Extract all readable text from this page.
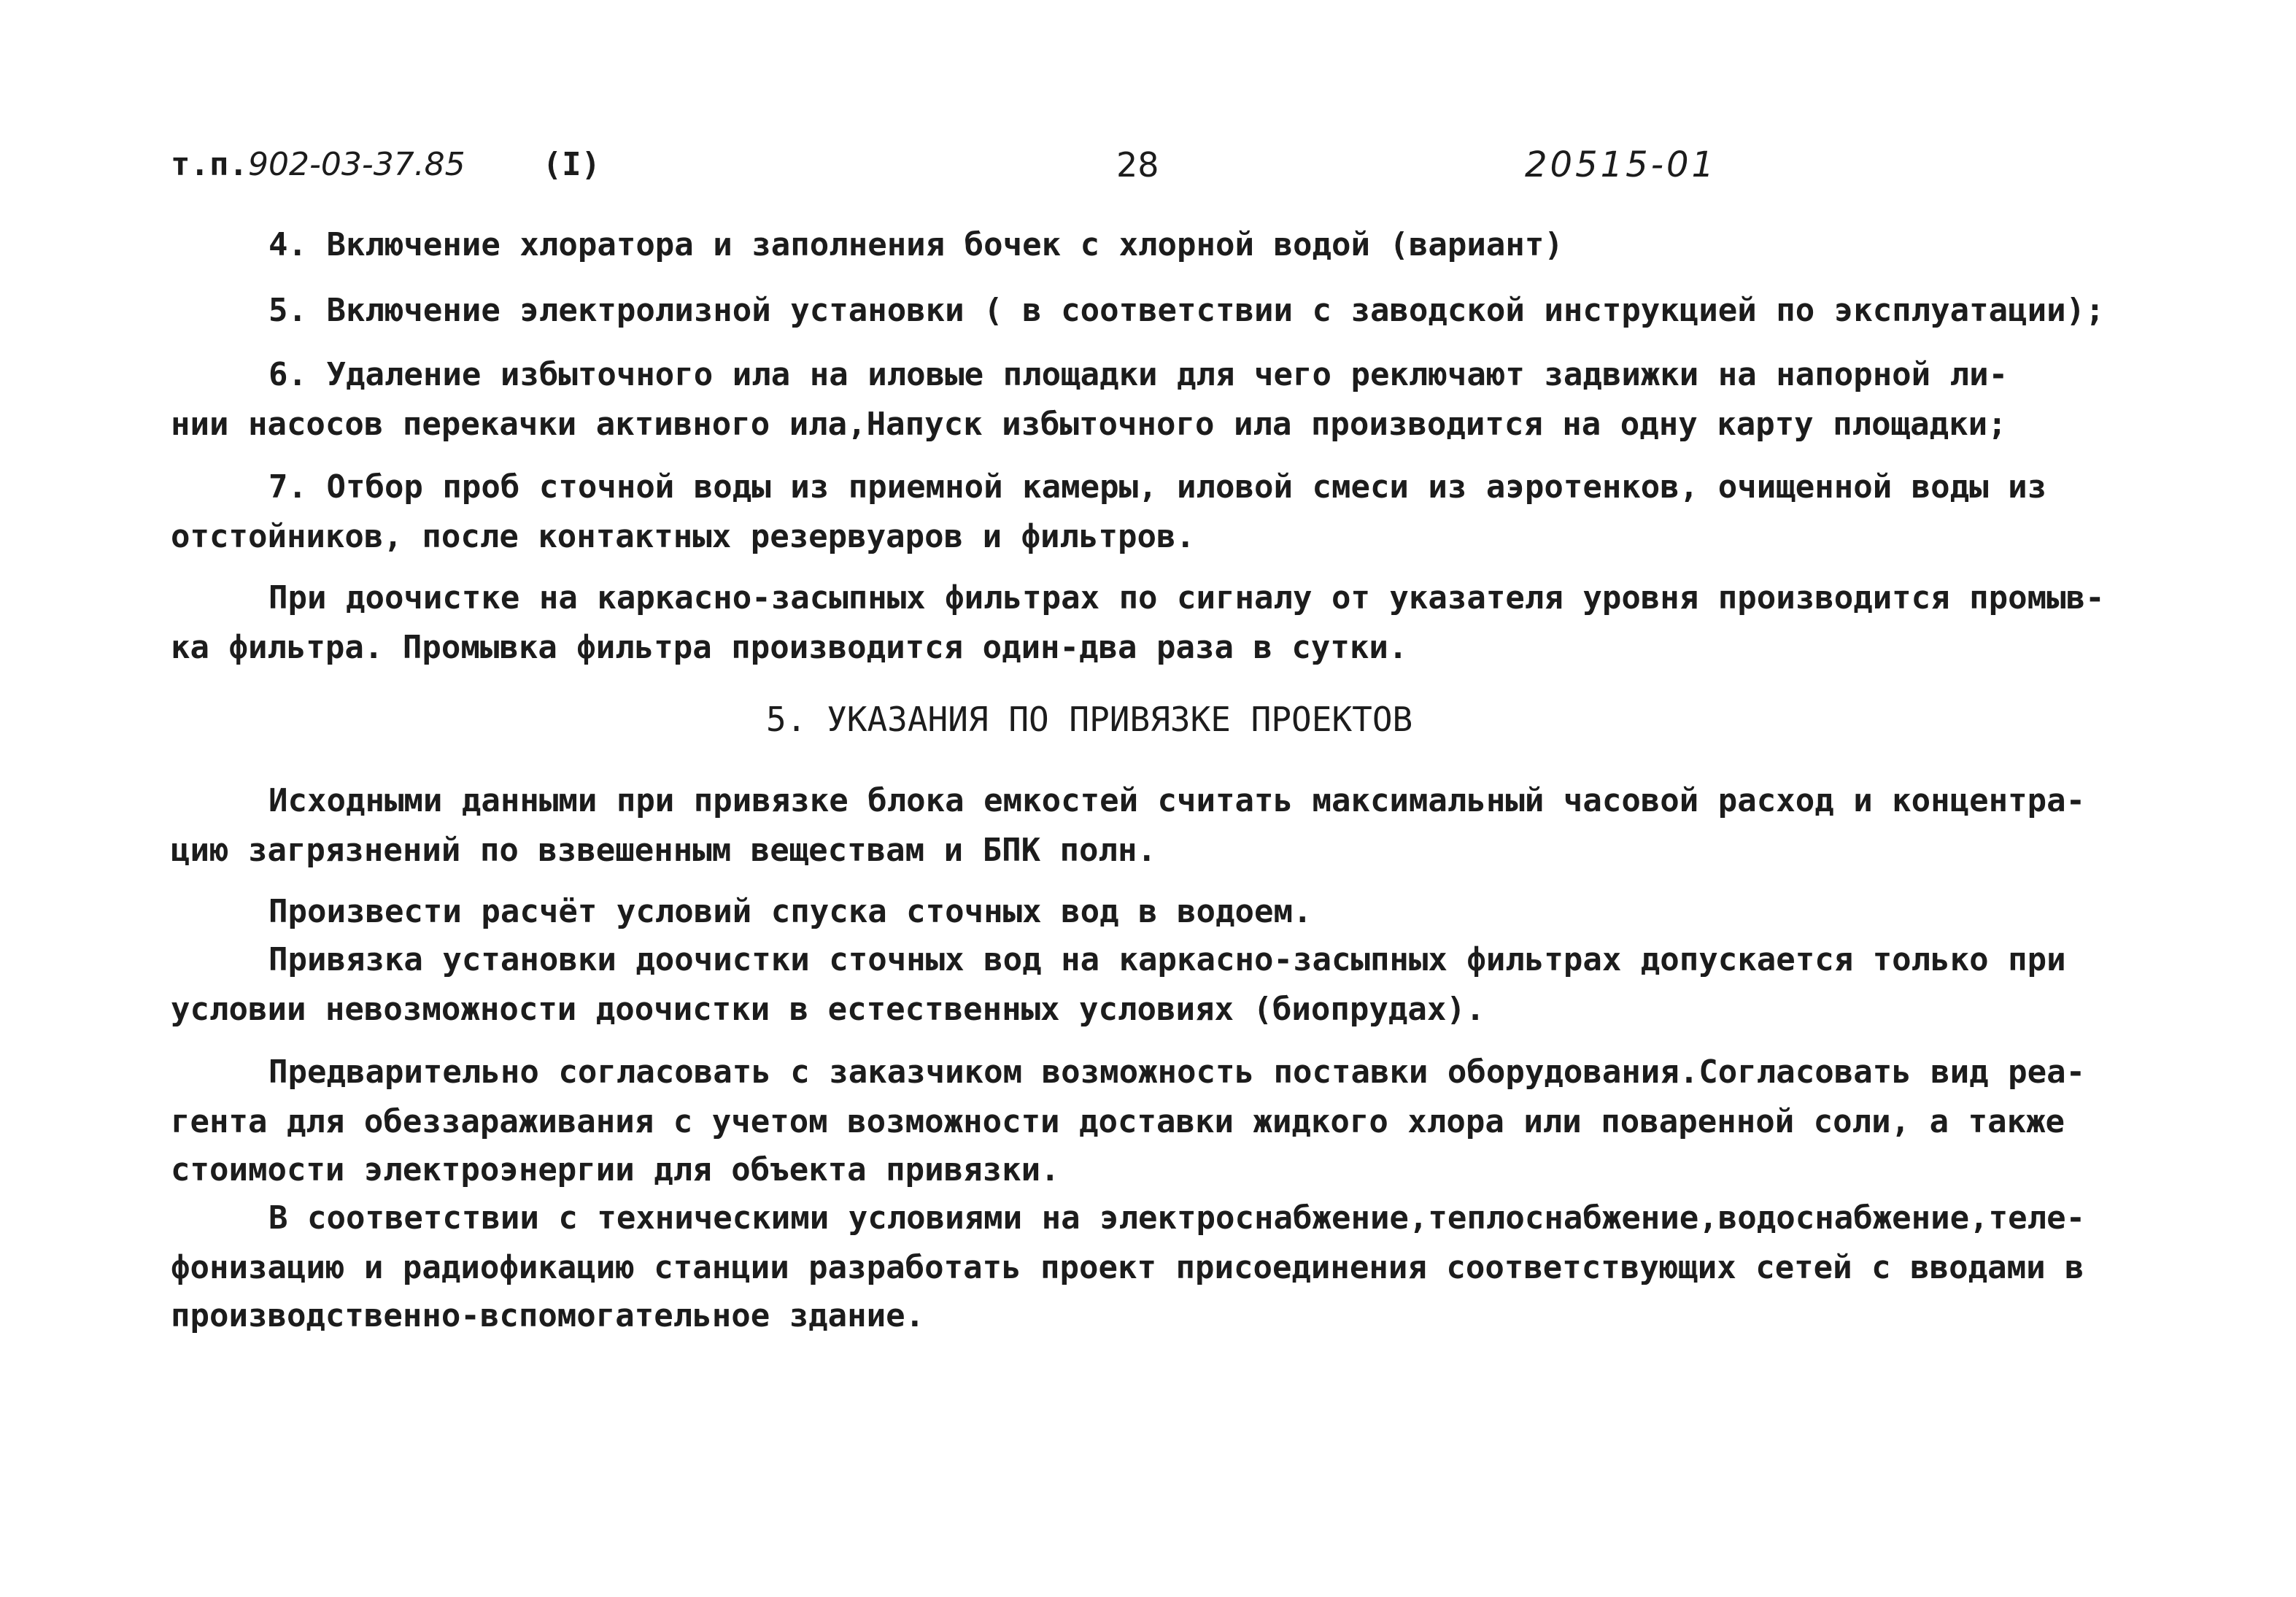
т.п.902-03-37.85 (I)	28	20515-01
4. Включение хлоратора и заполнения бочек с хлорной водой (вариант)
5. Включение электролизной установки ( в соответствии с заводской инструкцией по эксплуатации);
6. Удаление избыточного ила на иловые площадки для чего реключают задвижки на напорной ли-
нии насосов перекачки активного ила,Напуск избыточного ила производится на одну карту площадки;
7. Отбор проб сточной воды из приемной камеры, иловой смеси из аэротенков, очищенной воды из
отстойников, после контактных резервуаров и фильтров.
При доочистке на каркасно-засыпных фильтрах по сигналу от указателя уровня производится промыв-
ка фильтра. Промывка фильтра производится один-два раза в сутки.
5. УКАЗАНИЯ ПО ПРИВЯЗКЕ ПРОЕКТОВ
Исходными данными при привязке блока емкостей считать максимальный часовой расход и концентра-
цию загрязнений по взвешенным веществам и БПК полн.
Произвести расчёт условий спуска сточных вод в водоем.
Привязка установки доочистки сточных вод на каркасно-засыпных фильтрах допускается только при
условии невозможности доочистки в естественных условиях (биопрудах).
Предварительно согласовать с заказчиком возможность поставки оборудования.Согласовать вид реа-
гента для обеззараживания с учетом возможности доставки жидкого хлора или поваренной соли, а также
стоимости электроэнергии для объекта привязки.
В соответствии с техническими условиями на электроснабжение,теплоснабжение,водоснабжение,теле-
фонизацию и радиофикацию станции разработать проект присоединения соответствующих сетей с вводами в
производственно-вспомогательное здание.
